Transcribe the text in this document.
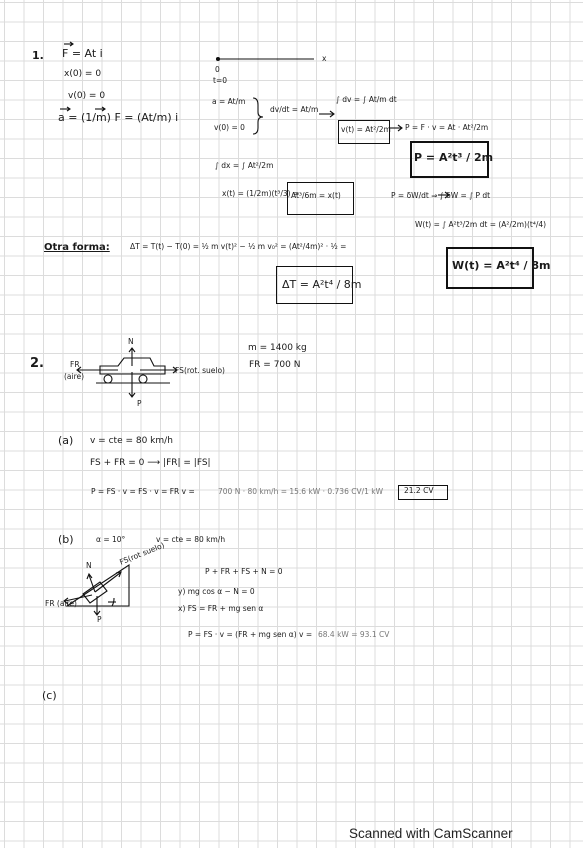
1. F = At i
x(0) = 0
v(0) = 0
a = (1/m) F = (At/m) i
0
t=0
x
a = At/m
v(0) = 0
dv/dt = At/m
∫ dv = ∫ At/m dt
v(t) = At²/2m P = F · v = At · At²/2m
P = A²t³ / 2m
∫ dx = ∫ At²/2m
x(t) = (1/2m)(t³/3) =
At³/6m = x(t)	P = δW/dt ⇒ ∫ δW = ∫ P dt
W(t) = ∫ A²t³/2m dt = (A²/2m)(t⁴/4)
W(t) = A²t⁴ / 8m
Otra forma:	ΔT = T(t) − T(0) = ½ m v(t)² − ½ m v₀² = (At²/4m)² · ½ =
ΔT = A²t⁴ / 8m
2.
N
FR
(aire)
FS(rot. suelo)
P
m = 1400 kg
FR = 700 N
(a) v = cte = 80 km/h
FS + FR = 0 ⟶ |FR| = |FS|
P = FS · v = FS · v = FR v =	700 N · 80 km/h = 15.6 kW · 0.736 CV/1 kW	21.2 CV
(b)	α = 10°	v = cte = 80 km/h
FS(rot suelo)
FR (aire)
N
P
P + FR + FS + N = 0
y) mg cos α − N = 0
x) FS = FR + mg sen α
P = FS · v = (FR + mg sen α) v = 68.4 kW = 93.1 CV
(c)
Scanned with CamScanner
